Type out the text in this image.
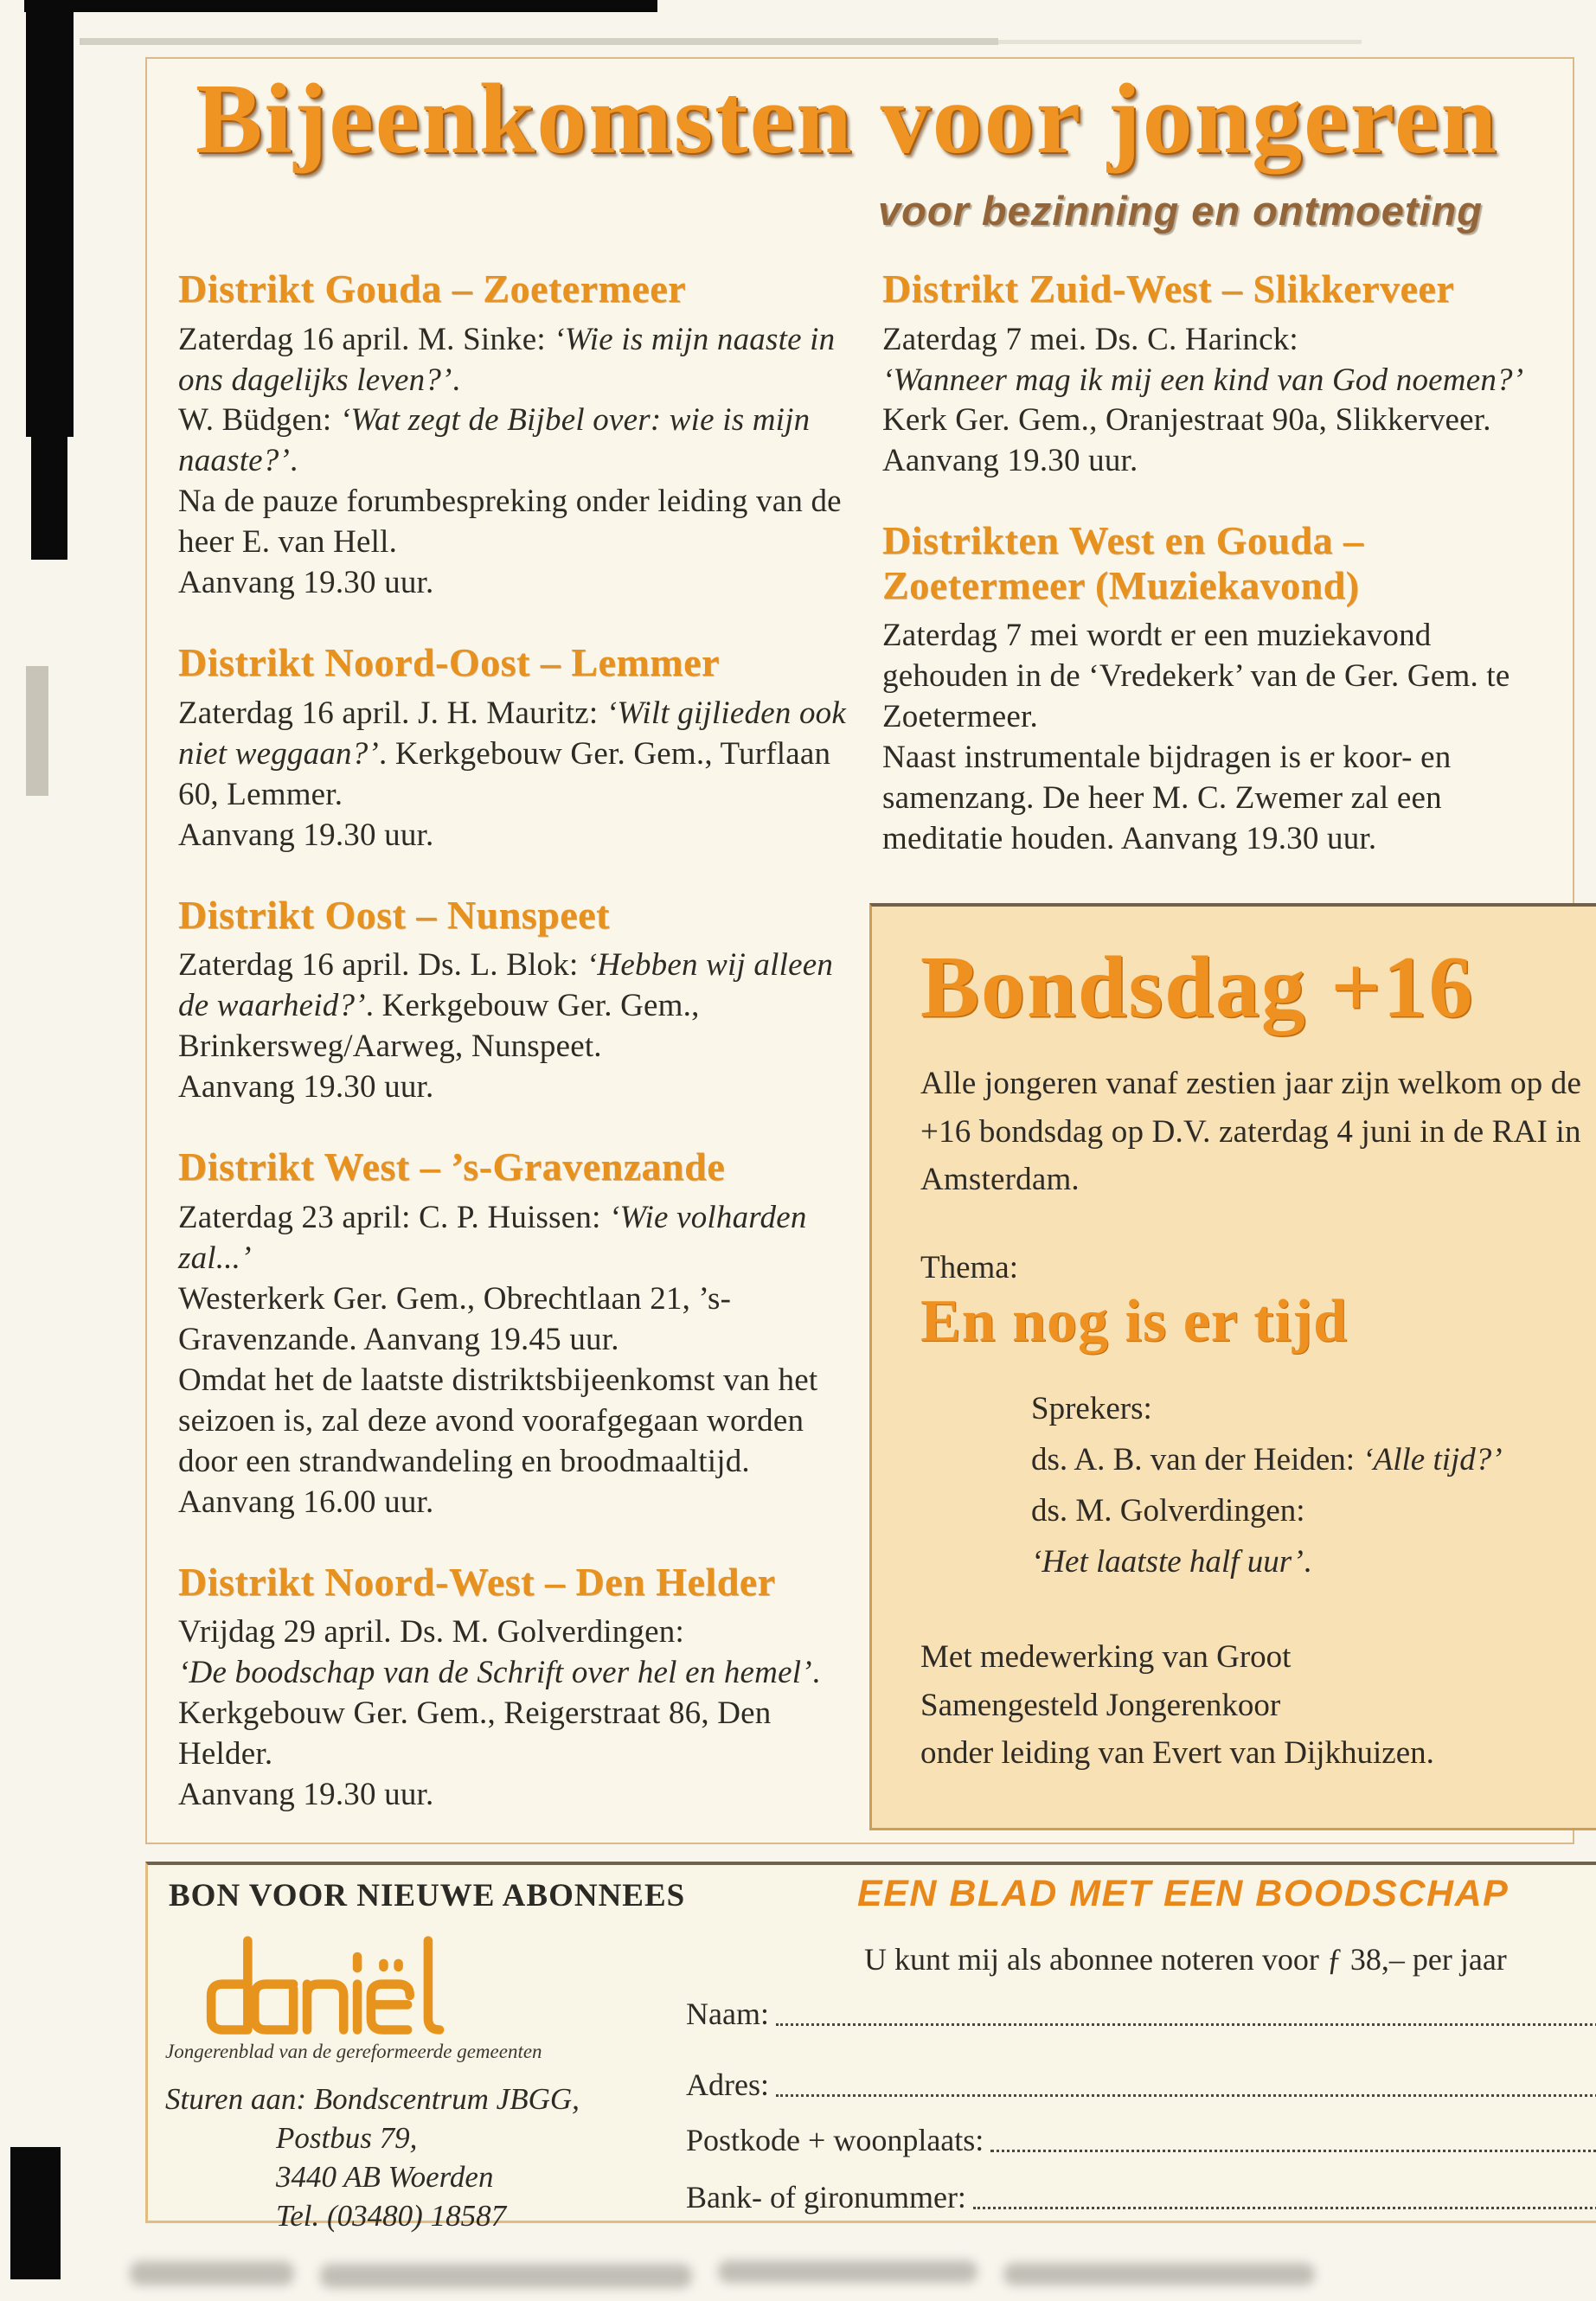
Bijeenkomsten voor jongeren

voor bezinning en ontmoeting

Distrikt Gouda – Zoetermeer

Zaterdag 16 april. M. Sinke: ‘Wie is mijn naaste in ons dagelijks leven?’.

W. Büdgen: ‘Wat zegt de Bijbel over: wie is mijn naaste?’.

Na de pauze forumbespreking onder leiding van de heer E. van Hell.

Aanvang 19.30 uur.

Distrikt Noord-Oost – Lemmer

Zaterdag 16 april. J. H. Mauritz: ‘Wilt gijlieden ook niet weggaan?’. Kerkgebouw Ger. Gem., Turflaan 60, Lemmer.

Aanvang 19.30 uur.

Distrikt Oost – Nunspeet

Zaterdag 16 april. Ds. L. Blok: ‘Hebben wij alleen de waarheid?’. Kerkgebouw Ger. Gem., Brinkersweg/Aarweg, Nunspeet.

Aanvang 19.30 uur.

Distrikt West – ’s-Gravenzande

Zaterdag 23 april: C. P. Huissen: ‘Wie volharden zal...’

Westerkerk Ger. Gem., Obrechtlaan 21, ’s-Gravenzande. Aanvang 19.45 uur.

Omdat het de laatste distriktsbijeenkomst van het seizoen is, zal deze avond voorafgegaan worden door een strandwandeling en broodmaaltijd. Aanvang 16.00 uur.

Distrikt Noord-West – Den Helder

Vrijdag 29 april. Ds. M. Golverdingen:

‘De boodschap van de Schrift over hel en hemel’.

Kerkgebouw Ger. Gem., Reigerstraat 86, Den Helder.

Aanvang 19.30 uur.

Distrikt Zuid-West – Slikkerveer

Zaterdag 7 mei. Ds. C. Harinck:

‘Wanneer mag ik mij een kind van God noemen?’ Kerk Ger. Gem., Oranjestraat 90a, Slikkerveer. Aanvang 19.30 uur.

Distrikten West en Gouda – Zoetermeer (Muziekavond)

Zaterdag 7 mei wordt er een muziekavond gehouden in de ‘Vredekerk’ van de Ger. Gem. te Zoetermeer.

Naast instrumentale bijdragen is er koor- en samenzang. De heer M. C. Zwemer zal een meditatie houden. Aanvang 19.30 uur.

Bondsdag +16

Alle jongeren vanaf zestien jaar zijn welkom op de +16 bondsdag op D.V. zaterdag 4 juni in de RAI in Amsterdam.

Thema:

En nog is er tijd

Sprekers:

ds. A. B. van der Heiden: ‘Alle tijd?’

ds. M. Golverdingen:

‘Het laatste half uur’.

Met medewerking van Groot

Samengesteld Jongerenkoor

onder leiding van Evert van Dijkhuizen.

BON VOOR NIEUWE ABONNEES
Jongerenblad van de gereformeerde gemeenten

Sturen aan: Bondscentrum JBGG,

Postbus 79,

3440 AB Woerden

Tel. (03480) 18587

EEN BLAD MET EEN BOODSCHAP
U kunt mij als abonnee noteren voor ƒ 38,– per jaar
Naam:
Adres:
Postkode + woonplaats:
Bank- of gironummer:
